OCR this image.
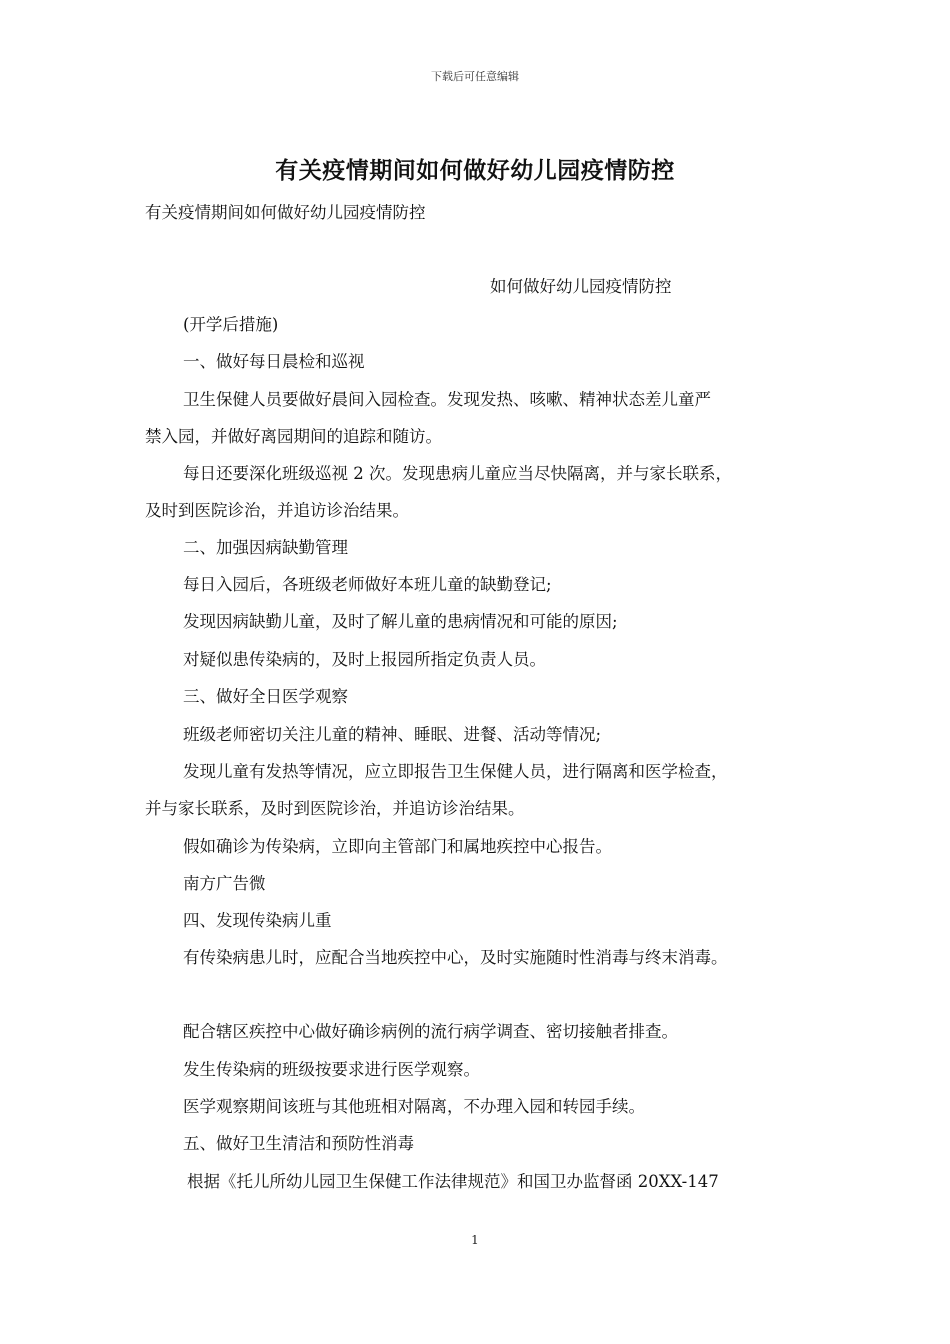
下载后可任意编辑
有关疫情期间如何做好幼儿园疫情防控
有关疫情期间如何做好幼儿园疫情防控
如何做好幼儿园疫情防控
(开学后措施)
一、做好每日晨检和巡视
卫生保健人员要做好晨间入园检查。发现发热、咳嗽、精神状态差儿童严
禁入园，并做好离园期间的追踪和随访。
每日还要深化班级巡视 2 次。发现患病儿童应当尽快隔离，并与家长联系，
及时到医院诊治，并追访诊治结果。
二、加强因病缺勤管理
每日入园后，各班级老师做好本班儿童的缺勤登记;
发现因病缺勤儿童，及时了解儿童的患病情况和可能的原因;
对疑似患传染病的，及时上报园所指定负责人员。
三、做好全日医学观察
班级老师密切关注儿童的精神、睡眠、进餐、活动等情况;
发现儿童有发热等情况，应立即报告卫生保健人员，进行隔离和医学检查，
并与家长联系，及时到医院诊治，并追访诊治结果。
假如确诊为传染病，立即向主管部门和属地疾控中心报告。
南方广告微
四、发现传染病儿重
有传染病患儿时，应配合当地疾控中心，及时实施随时性消毒与终末消毒。
配合辖区疾控中心做好确诊病例的流行病学调查、密切接触者排查。
发生传染病的班级按要求进行医学观察。
医学观察期间该班与其他班相对隔离，不办理入园和转园手续。
五、做好卫生清洁和预防性消毒
根据《托儿所幼儿园卫生保健工作法律规范》和国卫办监督函 20XX-147
1
